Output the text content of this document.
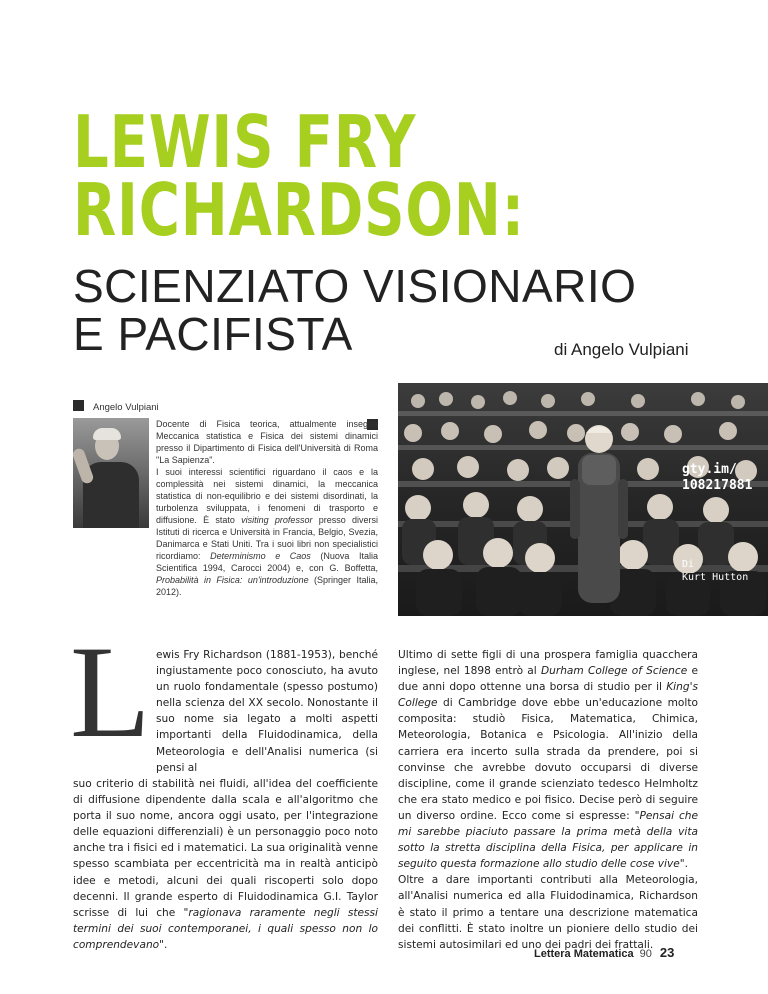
LEWIS FRY
RICHARDSON:
SCIENZIATO VISIONARIO
E PACIFISTA	di Angelo Vulpiani
Angelo Vulpiani

Docente di Fisica teorica, attualmente insegna Meccanica statistica e Fisica dei sistemi dinamici presso il Dipartimento di Fisica dell'Università di Roma "La Sapienza".

I suoi interessi scientifici riguardano il caos e la complessità nei sistemi dinamici, la meccanica statistica di non-equilibrio e dei sistemi disordinati, la turbolenza sviluppata, i fenomeni di trasporto e diffusione. È stato visiting professor presso diversi Istituti di ricerca e Università in Francia, Belgio, Svezia, Danimarca e Stati Uniti. Tra i suoi libri non specialistici ricordiamo: Determinismo e Caos (Nuova Italia Scientifica 1994, Carocci 2004) e, con G. Boffetta, Probabilità in Fisica: un'introduzione (Springer Italia, 2012).

gty.im/
108217881
Di
Kurt Hutton
L ewis Fry Richardson (1881-1953), benché ingiustamente poco conosciuto, ha avuto un ruolo fondamentale (spesso postumo) nella scienza del XX secolo. Nonostante il suo nome sia legato a molti aspetti importanti della Fluidodinamica, della Meteorologia e dell'Analisi numerica (si pensi al

suo criterio di stabilità nei fluidi, all'idea del coefficiente di diffusione dipendente dalla scala e all'algoritmo che porta il suo nome, ancora oggi usato, per l'integrazione delle equazioni differenziali) è un personaggio poco noto anche tra i fisici ed i matematici. La sua originalità venne spesso scambiata per eccentricità ma in realtà anticipò idee e metodi, alcuni dei quali riscoperti solo dopo decenni. Il grande esperto di Fluidodinamica G.I. Taylor scrisse di lui che "ragionava raramente negli stessi termini dei suoi contemporanei, i quali spesso non lo comprendevano".

Ultimo di sette figli di una prospera famiglia quacchera inglese, nel 1898 entrò al Durham College of Science e due anni dopo ottenne una borsa di studio per il King's College di Cambridge dove ebbe un'educazione molto composita: studiò Fisica, Matematica, Chimica, Meteorologia, Botanica e Psicologia. All'inizio della carriera era incerto sulla strada da prendere, poi si convinse che avrebbe dovuto occuparsi di diverse discipline, come il grande scienziato tedesco Helmholtz che era stato medico e poi fisico. Decise però di seguire un diverso ordine. Ecco come si espresse: "Pensai che mi sarebbe piaciuto passare la prima metà della vita sotto la stretta disciplina della Fisica, per applicare in seguito questa formazione allo studio delle cose vive".

Oltre a dare importanti contributi alla Meteorologia, all'Analisi numerica ed alla Fluidodinamica, Richardson è stato il primo a tentare una descrizione matematica dei conflitti. È stato inoltre un pioniere dello studio dei sistemi autosimilari ed uno dei padri dei frattali.

Lettera Matematica 90 23
